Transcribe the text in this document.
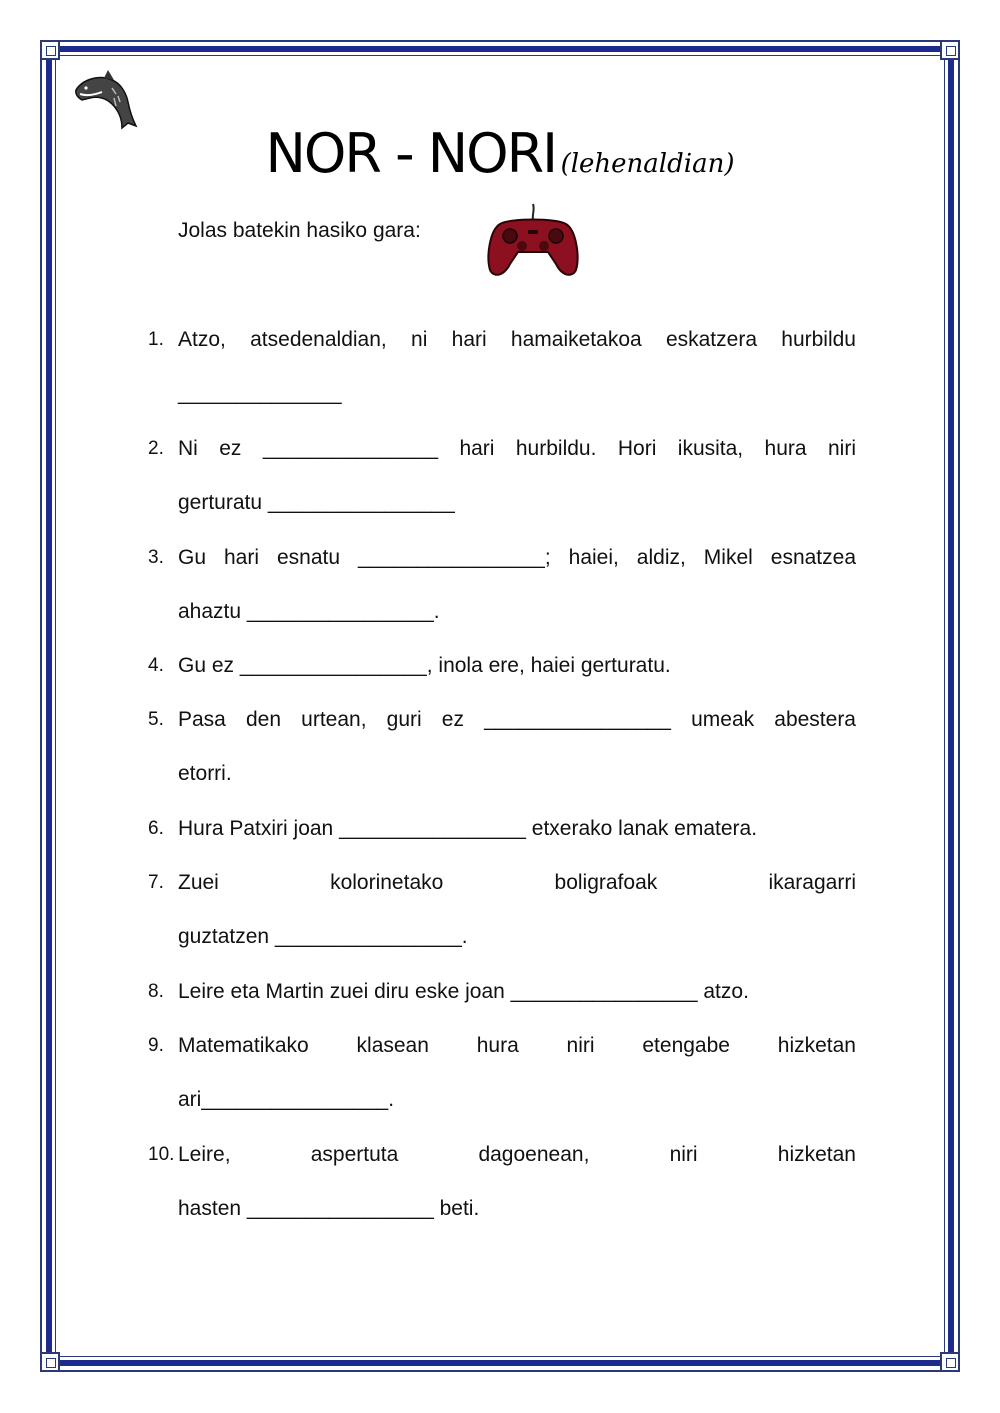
NOR - NORI (lehenaldian)
Jolas batekin hasiko gara:
1. Atzo, atsedenaldian, ni hari hamaiketakoa eskatzera hurbildu
______________
2. Ni ez _______________ hari hurbildu. Hori ikusita, hura niri
gerturatu ________________
3. Gu hari esnatu ________________; haiei, aldiz, Mikel esnatzea
ahaztu ________________.
4. Gu ez ________________, inola ere, haiei gerturatu.
5. Pasa den urtean, guri ez ________________ umeak abestera
etorri.
6. Hura Patxiri joan ________________ etxerako lanak ematera.
7. Zuei kolorinetako boligrafoak ikaragarri
guztatzen ________________.
8. Leire eta Martin zuei diru eske joan ________________ atzo.
9. Matematikako klasean hura niri etengabe hizketan
ari________________.
10. Leire, aspertuta dagoenean, niri hizketan
hasten ________________ beti.
